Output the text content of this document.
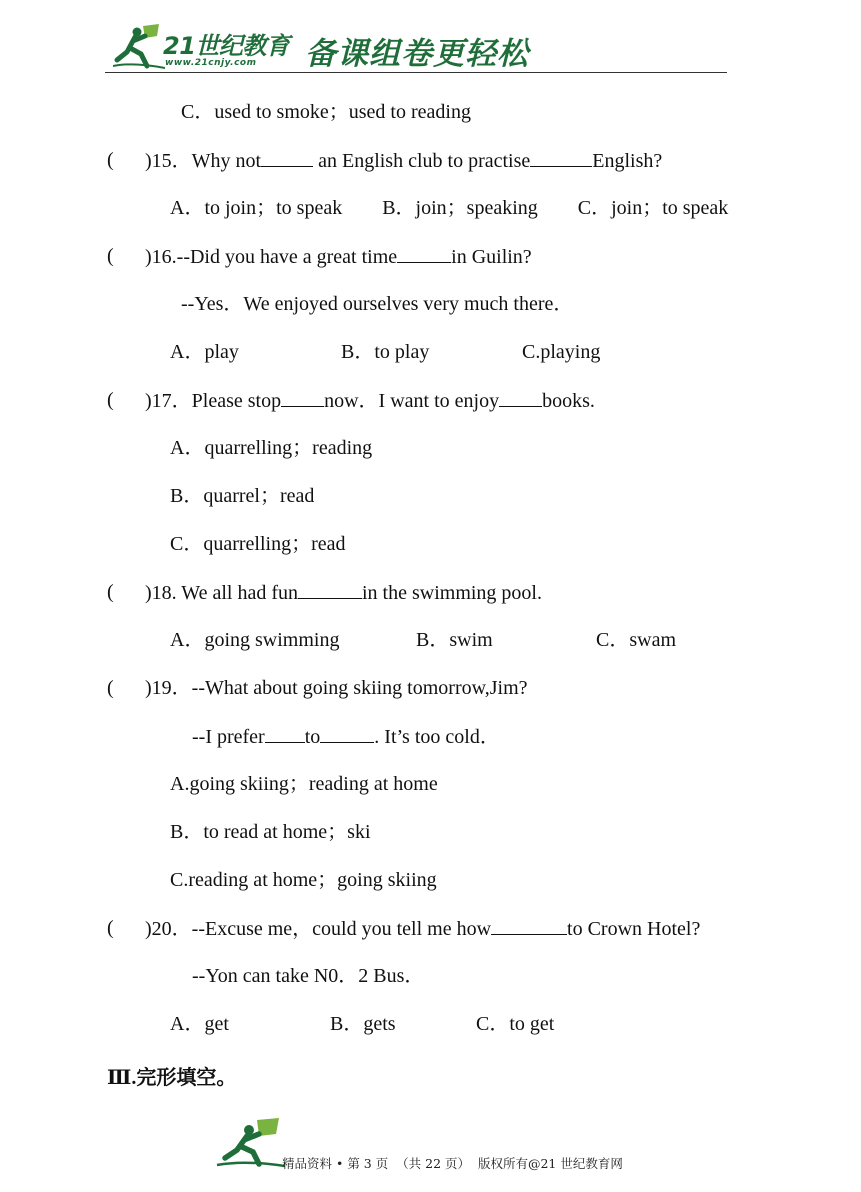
21世纪教育
www.21cnjy.com 备课组卷更轻松
C．used to smoke；used to reading
( )15．Why not	an English club to practise	English?
A．to join；to speak        B．join；speaking        C．join；to speak
( )16.--Did you have a great time	in Guilin?
--Yes．We enjoyed ourselves very much there．
A．play	B．to play	C.playing
( )17．Please stop now．I want to enjoy books.
A．quarrelling；reading
B．quarrel；read
C．quarrelling；read
( )18. We all had fun	in the swimming pool.
A．going swimming	B．swim	C．swam
( )19．--What about going skiing tomorrow,Jim?
--I prefer to	. It’s too cold．
A.going skiing；reading at home
B．to read at home；ski
C.reading at home；going skiing
( )20．--Excuse me，could you tell me how	to Crown Hotel?
--Yon can take N0．2 Bus．
A．get	B．gets	C．to get
Ⅲ.完形填空。
精品资料 • 第 3 页  （共 22 页）  版权所有@21 世纪教育网
